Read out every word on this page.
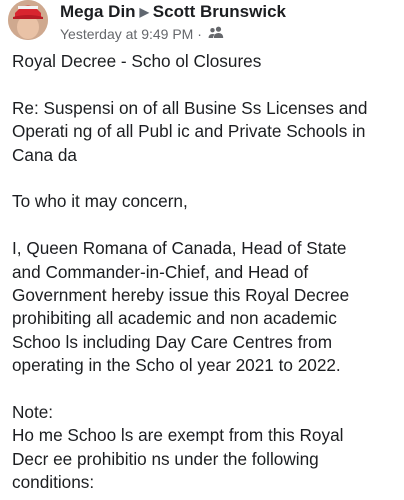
Mega Din ▶ Scott Brunswick
Yesterday at 9:49 PM ·

Royal Decree - Scho ol Closures

Re: Suspensi on of all Busine Ss Licenses and

Operati ng of all Publ ic and Private Schools in

Cana da

To who it may concern,

I, Queen Romana of Canada, Head of State

and Commander-in-Chief, and Head of

Government hereby issue this Royal Decree

prohibiting all academic and non academic

Schoo ls including Day Care Centres from

operating in the Scho ol year 2021 to 2022.

Note:

Ho me Schoo ls are exempt from this Royal

Decr ee prohibitio ns under the following

conditions:
